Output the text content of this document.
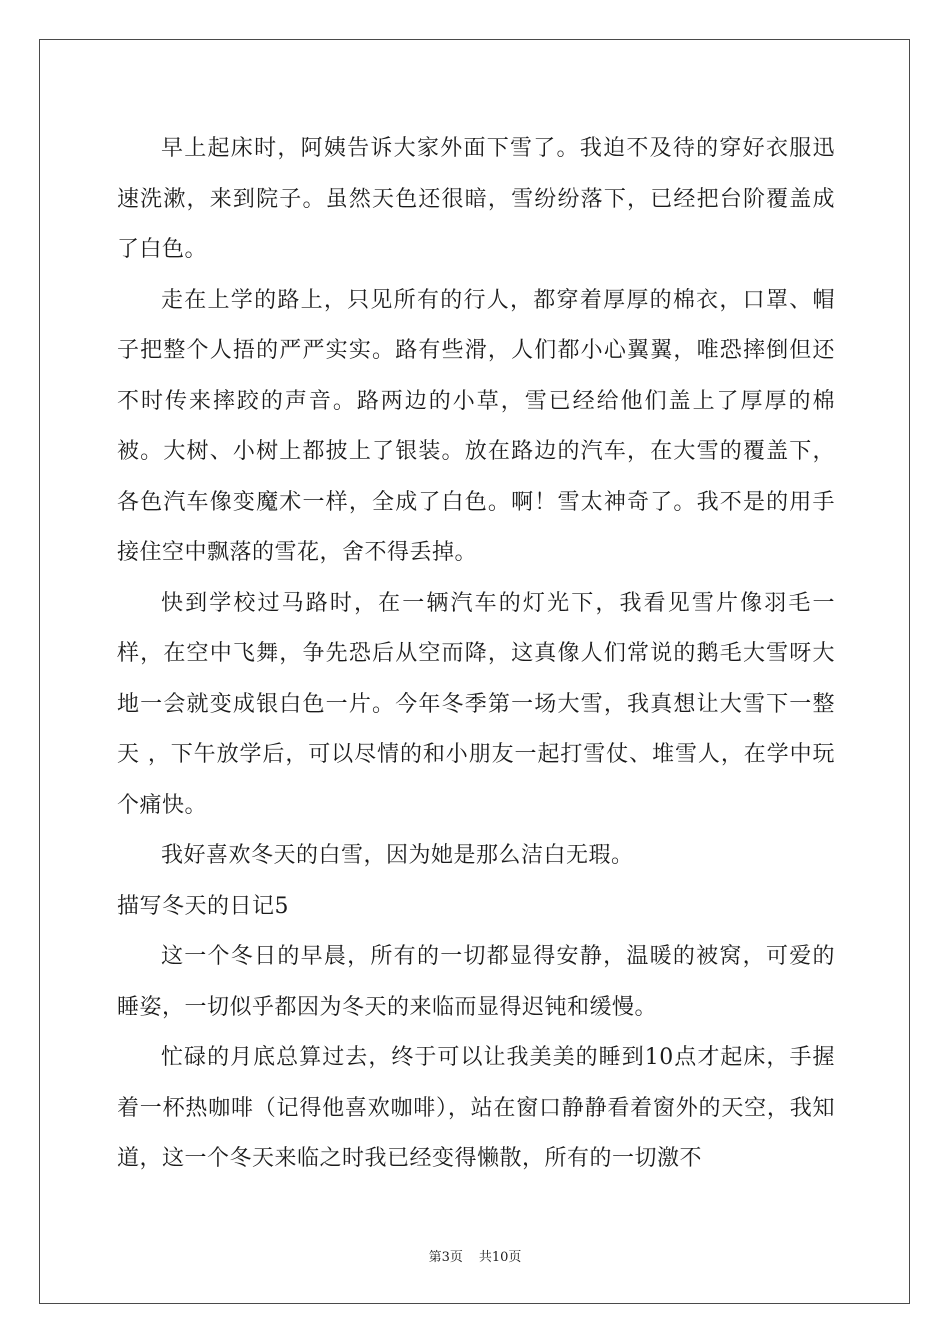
早上起床时，阿姨告诉大家外面下雪了。我迫不及待的穿好衣服迅速洗漱，来到院子。虽然天色还很暗，雪纷纷落下，已经把台阶覆盖成了白色。

走在上学的路上，只见所有的行人，都穿着厚厚的棉衣，口罩、帽子把整个人捂的严严实实。路有些滑，人们都小心翼翼，唯恐摔倒但还不时传来摔跤的声音。路两边的小草，雪已经给他们盖上了厚厚的棉被。大树、小树上都披上了银装。放在路边的汽车，在大雪的覆盖下，各色汽车像变魔术一样，全成了白色。啊！雪太神奇了。我不是的用手接住空中飘落的雪花，舍不得丢掉。

快到学校过马路时，在一辆汽车的灯光下，我看见雪片像羽毛一样，在空中飞舞，争先恐后从空而降，这真像人们常说的鹅毛大雪呀大地一会就变成银白色一片。今年冬季第一场大雪，我真想让大雪下一整天 ，下午放学后，可以尽情的和小朋友一起打雪仗、堆雪人，在学中玩个痛快。

我好喜欢冬天的白雪，因为她是那么洁白无瑕。

描写冬天的日记5

这一个冬日的早晨，所有的一切都显得安静，温暖的被窝，可爱的睡姿，一切似乎都因为冬天的来临而显得迟钝和缓慢。

忙碌的月底总算过去，终于可以让我美美的睡到10点才起床，手握着一杯热咖啡（记得他喜欢咖啡），站在窗口静静看着窗外的天空，我知道，这一个冬天来临之时我已经变得懒散，所有的一切激不

第3页 共10页
